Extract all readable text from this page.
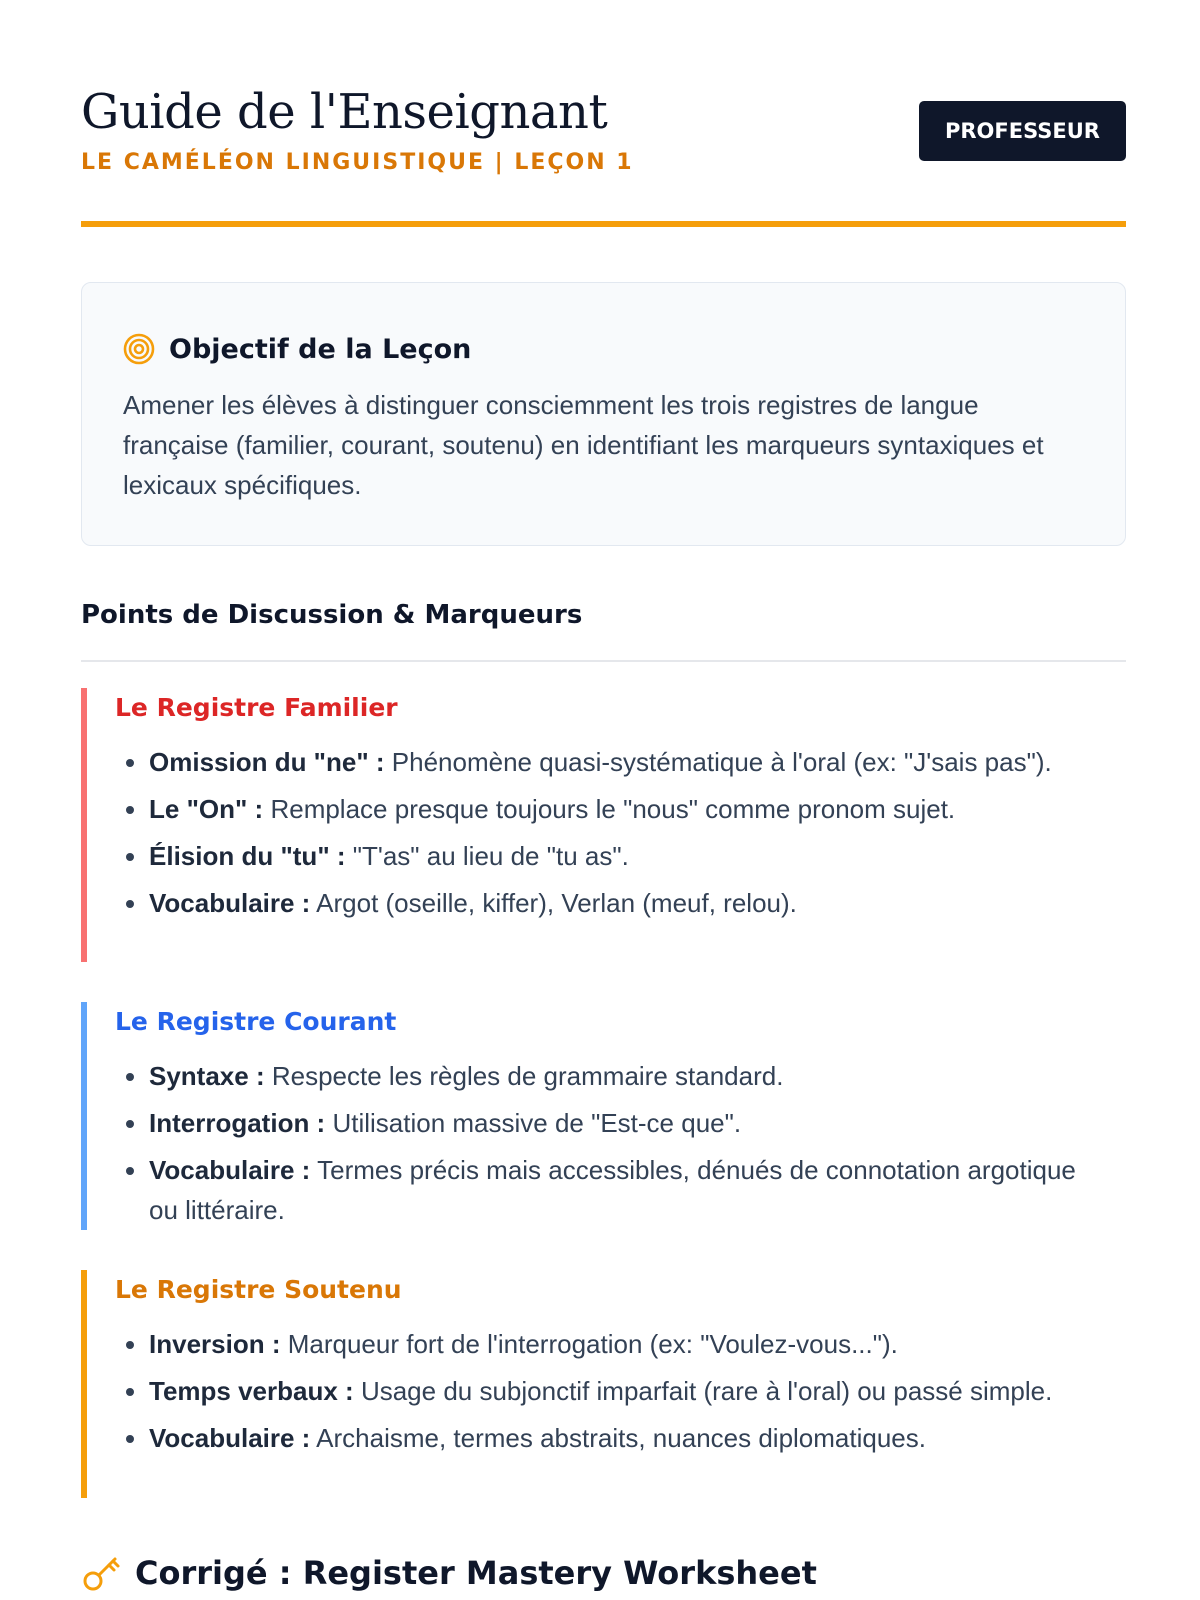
Guide de l'Enseignant
LE CAMÉLÉON LINGUISTIQUE | LEÇON 1
PROFESSEUR
Objectif de la Leçon

Amener les élèves à distinguer consciemment les trois registres de langue française (familier, courant, soutenu) en identifiant les marqueurs syntaxiques et lexicaux spécifiques.

Points de Discussion & Marqueurs
Le Registre Familier
• Omission du "ne" : Phénomène quasi-systématique à l'oral (ex: "J'sais pas").
• Le "On" : Remplace presque toujours le "nous" comme pronom sujet.
• Élision du "tu" : "T'as" au lieu de "tu as".
• Vocabulaire : Argot (oseille, kiffer), Verlan (meuf, relou).
Le Registre Courant
• Syntaxe : Respecte les règles de grammaire standard.
• Interrogation : Utilisation massive de "Est-ce que".
• Vocabulaire : Termes précis mais accessibles, dénués de connotation argotique ou littéraire.
Le Registre Soutenu
• Inversion : Marqueur fort de l'interrogation (ex: "Voulez-vous...").
• Temps verbaux : Usage du subjonctif imparfait (rare à l'oral) ou passé simple.
• Vocabulaire : Archaisme, termes abstraits, nuances diplomatiques.
Corrigé : Register Mastery Worksheet
